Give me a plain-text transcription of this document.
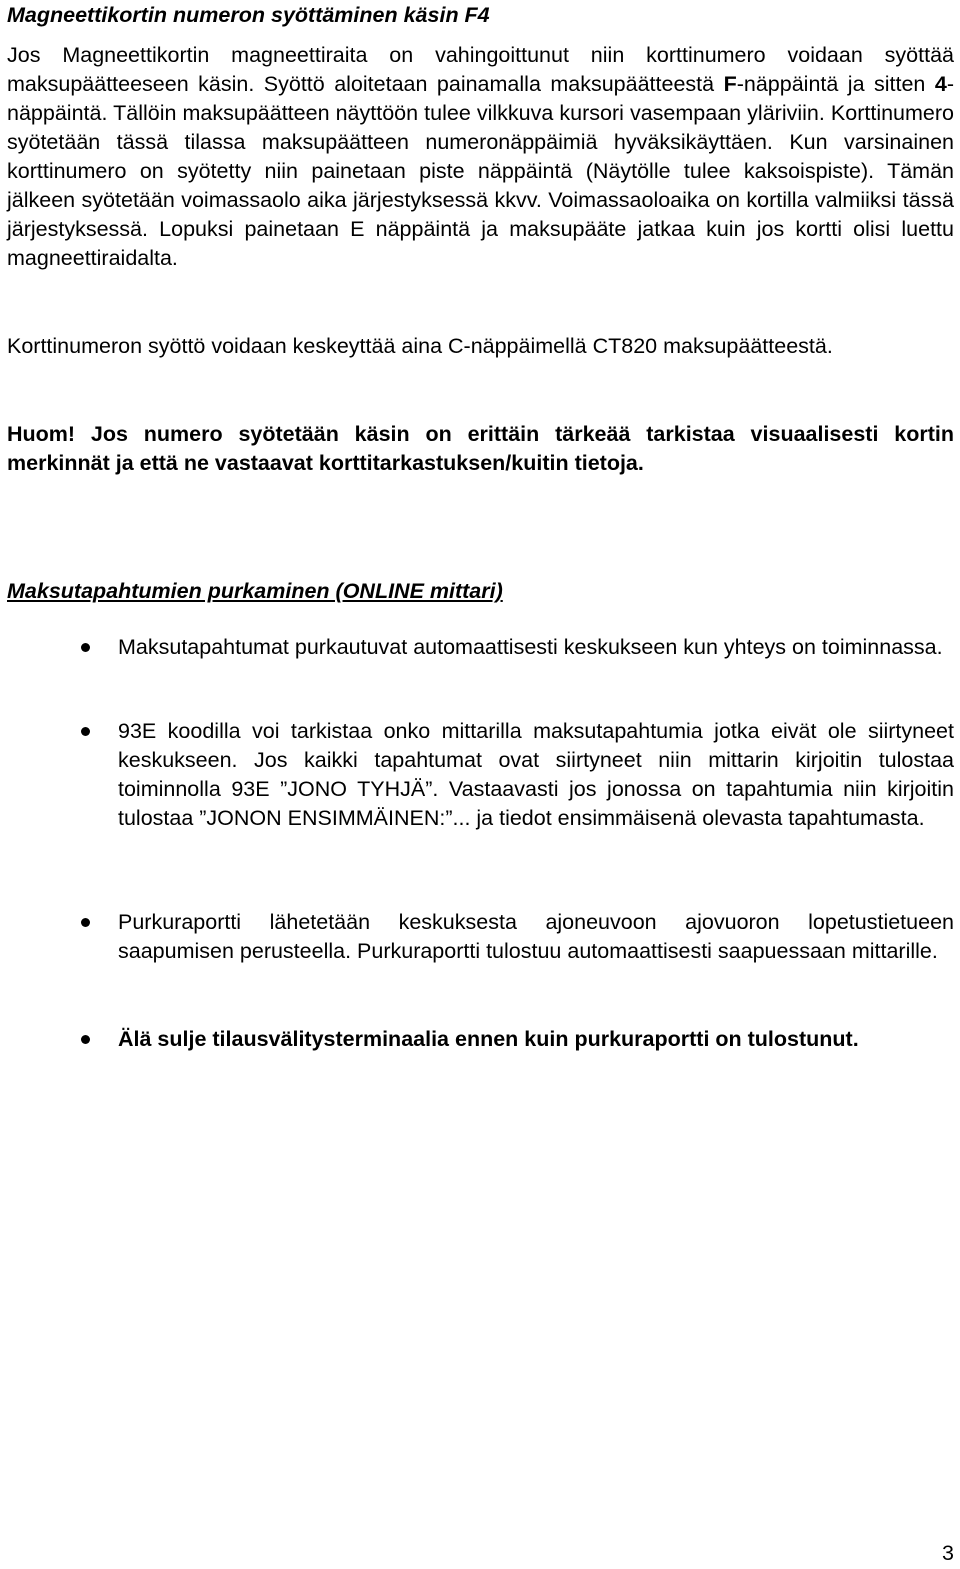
Magneettikortin numeron syöttäminen käsin F4

Jos Magneettikortin magneettiraita on vahingoittunut niin korttinumero voidaan syöttää maksupäätteeseen käsin. Syöttö aloitetaan painamalla maksupäätteestä F-näppäintä ja sitten 4-näppäintä. Tällöin maksupäätteen näyttöön tulee vilkkuva kursori vasempaan yläriviin. Korttinumero syötetään tässä tilassa maksupäätteen numeronäppäimiä hyväksikäyttäen. Kun varsinainen korttinumero on syötetty niin painetaan piste näppäintä (Näytölle tulee kaksoispiste). Tämän jälkeen syötetään voimassaolo aika järjestyksessä kkvv. Voimassaoloaika on kortilla valmiiksi tässä järjestyksessä. Lopuksi painetaan E näppäintä ja maksupääte jatkaa kuin jos kortti olisi luettu magneettiraidalta.

Korttinumeron syöttö voidaan keskeyttää aina C-näppäimellä CT820 maksupäätteestä.

Huom! Jos numero syötetään käsin on erittäin tärkeää tarkistaa visuaalisesti kortin merkinnät ja että ne vastaavat korttitarkastuksen/kuitin tietoja.

Maksutapahtumien purkaminen (ONLINE mittari)

Maksutapahtumat purkautuvat automaattisesti keskukseen kun yhteys on toiminnassa.

93E koodilla voi tarkistaa onko mittarilla maksutapahtumia jotka eivät ole siirtyneet keskukseen. Jos kaikki tapahtumat ovat siirtyneet niin mittarin kirjoitin tulostaa toiminnolla 93E ”JONO TYHJÄ”. Vastaavasti jos jonossa on tapahtumia niin kirjoitin tulostaa ”JONON ENSIMMÄINEN:”... ja tiedot ensimmäisenä olevasta tapahtumasta.

Purkuraportti lähetetään keskuksesta ajoneuvoon ajovuoron lopetustietueen saapumisen perusteella. Purkuraportti tulostuu automaattisesti saapuessaan mittarille.

Älä sulje tilausvälitysterminaalia ennen kuin purkuraportti on tulostunut.

3
